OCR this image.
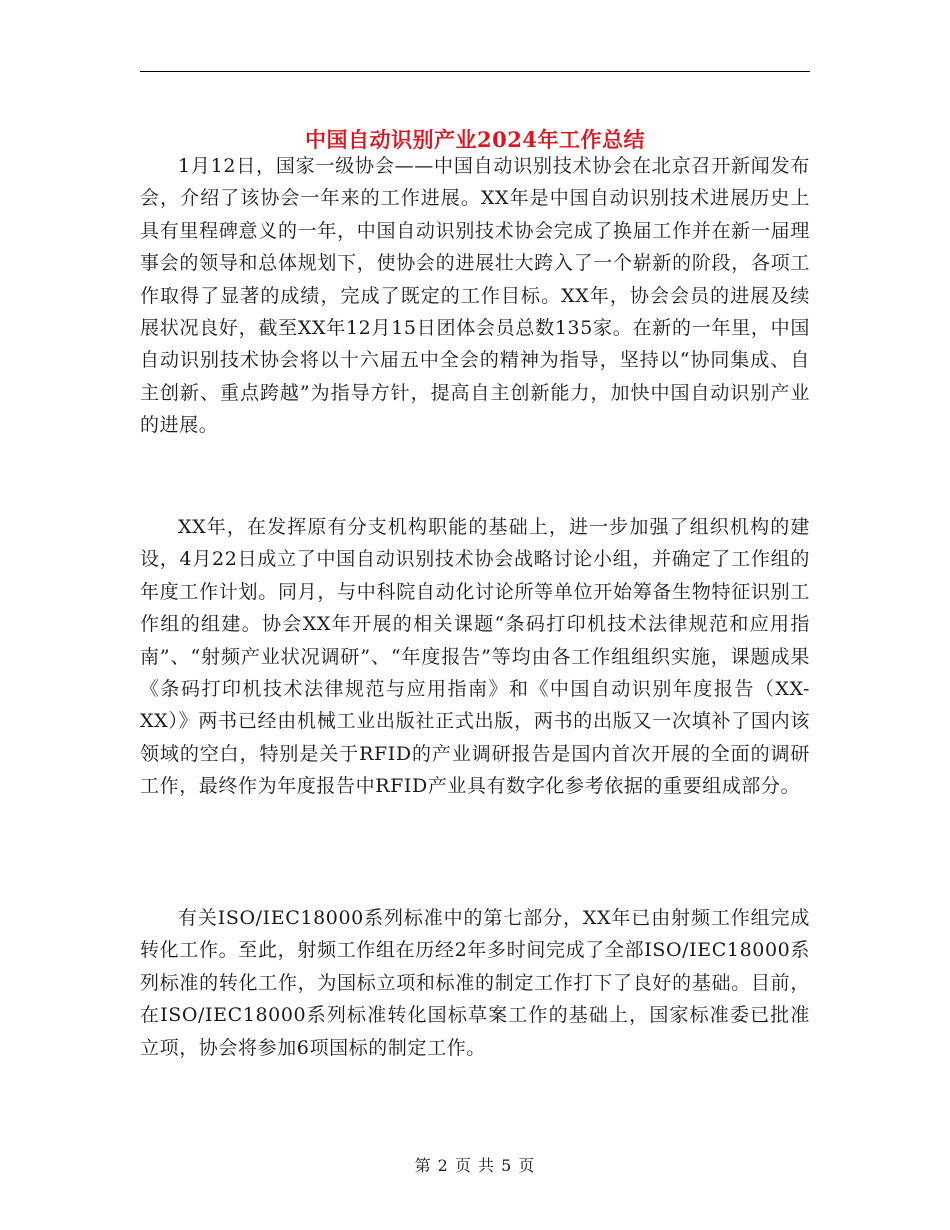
中国自动识别产业2024年工作总结

1月12日，国家一级协会——中国自动识别技术协会在北京召开新闻发布会，介绍了该协会一年来的工作进展。XX年是中国自动识别技术进展历史上具有里程碑意义的一年，中国自动识别技术协会完成了换届工作并在新一届理事会的领导和总体规划下，使协会的进展壮大跨入了一个崭新的阶段，各项工作取得了显著的成绩，完成了既定的工作目标。XX年，协会会员的进展及续展状况良好，截至XX年12月15日团体会员总数135家。在新的一年里，中国自动识别技术协会将以十六届五中全会的精神为指导，坚持以“协同集成、自主创新、重点跨越”为指导方针，提高自主创新能力，加快中国自动识别产业的进展。

XX年，在发挥原有分支机构职能的基础上，进一步加强了组织机构的建设，4月22日成立了中国自动识别技术协会战略讨论小组，并确定了工作组的年度工作计划。同月，与中科院自动化讨论所等单位开始筹备生物特征识别工作组的组建。协会XX年开展的相关课题“条码打印机技术法律规范和应用指南”、“射频产业状况调研”、“年度报告”等均由各工作组组织实施，课题成果《条码打印机技术法律规范与应用指南》和《中国自动识别年度报告（XX-XX）》两书已经由机械工业出版社正式出版，两书的出版又一次填补了国内该领域的空白，特别是关于RFID的产业调研报告是国内首次开展的全面的调研工作，最终作为年度报告中RFID产业具有数字化参考依据的重要组成部分。

有关ISO/IEC18000系列标准中的第七部分，XX年已由射频工作组完成转化工作。至此，射频工作组在历经2年多时间完成了全部ISO/IEC18000系列标准的转化工作，为国标立项和标准的制定工作打下了良好的基础。目前，在ISO/IEC18000系列标准转化国标草案工作的基础上，国家标准委已批准立项，协会将参加6项国标的制定工作。

第 2 页 共 5 页
